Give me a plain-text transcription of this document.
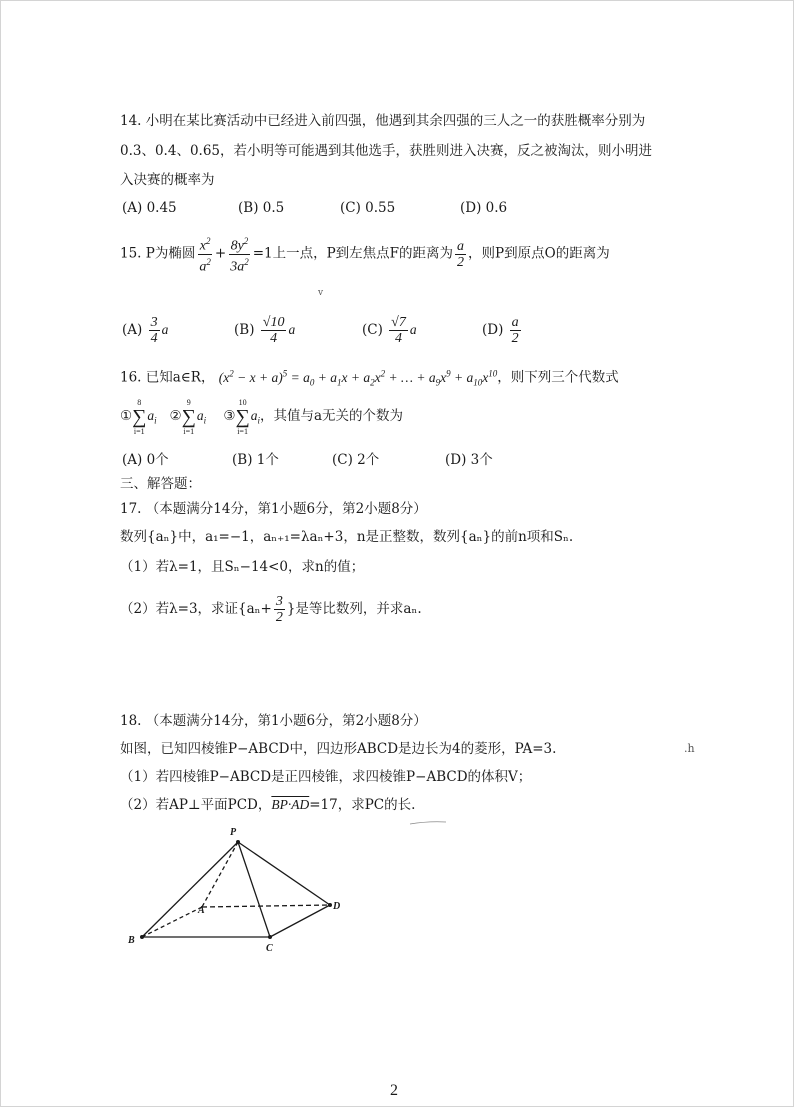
14. 小明在某比赛活动中已经进入前四强，他遇到其余四强的三人之一的获胜概率分别为
0.3、0.4、0.65，若小明等可能遇到其他选手，获胜则进入决赛，反之被淘汰，则小明进
入决赛的概率为
(A) 0.45	(B) 0.5	(C) 0.55	(D) 0.6
15. P为椭圆 $\frac{x^2}{a^2} + \frac{8y^2}{3a^2} =1$上一点，P到左焦点F的距离为 $\frac{a}{2}$ ，则P到原点O的距离为
v
$(A) \frac{3}{4}$ a	$(B) \frac{√10}{4}$ a	$(C) \frac{√7}{4}$ a	$(D) \frac{a}{2}$
16. 已知a∈R， $(x^2 - x + a)^5 = a_0 + a_1x + a_2x^2$ + … + $a_9x^9 + a_{10}x^{10}$，则下列三个代数式
①
8
∑
i=1
$a_i$ ②
9
∑
i=1
$a_i$ ③
10
∑
i=1
$a_i$，其值与a无关的个数为
(A) 0个	(B) 1个	(C) 2个	(D) 3个
三、解答题：
17. （本题满分14分，第1小题6分，第2小题8分）
数列{aₙ}中，a₁=−1，aₙ₊₁=λaₙ+3，n是正整数，数列{aₙ}的前n项和Sₙ.
（1）若λ=1，且Sₙ−14<0，求n的值；
（2）若λ=3，求证{$a_n+ \frac{3}{2}$ }是等比数列，并求aₙ.
18. （本题满分14分，第1小题6分，第2小题8分）
如图，已知四棱锥P−ABCD中，四边形ABCD是边长为4的菱形，PA=3.	.h
（1）若四棱锥P−ABCD是正四棱锥，求四棱锥P−ABCD的体积V；
（2）若AP⊥平面PCD，BP·AD=17，求PC的长.
P
A
B
C
D
2
